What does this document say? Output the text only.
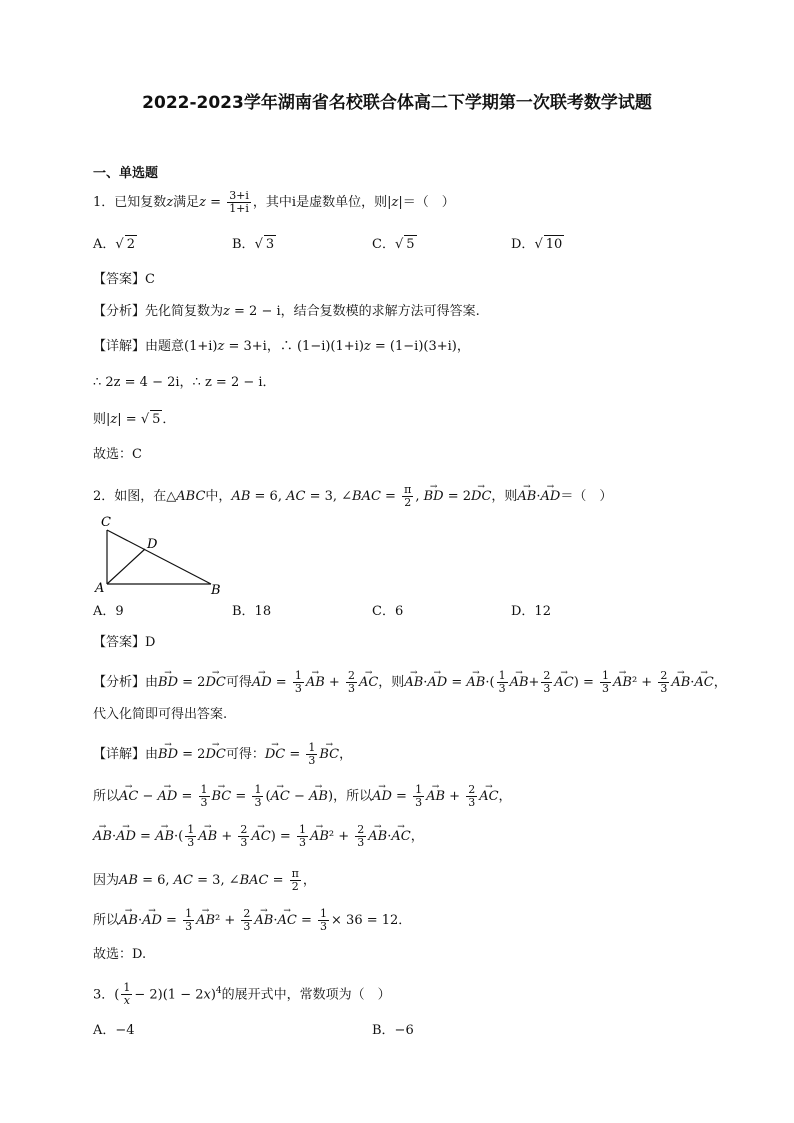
2022-2023学年湖南省名校联合体高二下学期第一次联考数学试题
一、单选题
1．已知复数z满足$z = \frac{3+i}{1+i}$ ，其中i是虚数单位，则|z|＝（　）
A．√ 2	B．√ 3	C．√ 5	D．√ 10
【答案】C
【分析】先化简复数为z = 2 − i，结合复数模的求解方法可得答案.
【详解】由题意(1+i)z = 3+i，∴ (1−i)(1+i)z = (1−i)(3+i)，
∴ 2z = 4 − 2i，∴ z = 2 − i．
则|z| = √ 5 ．
故选：C
2．如图，在△ABC中，AB = 6, AC = 3, ∠BAC = $\frac{\pi}{2}$ , → BD = 2→ DC，则→ AB·→ AD＝（　）
C
D
A	B
A．9	B．18	C．6	D．12
【答案】D
【分析】由→ BD = 2→ DC可得→ AD = $\frac{1}{3}$
→ AB + $\frac{2}{3}$
→ AC，则→ AB·→ AD = → $AB\cdot( \frac{1}{3}$
→ $AB+ \frac{2}{3}$
→ $AC) = \frac{1}{3}$
→ $AB^2 + \frac{2}{3}$
→ AB·→ AC，
代入化简即可得出答案.
【详解】由→ BD = 2→ DC可得：→ DC = $\frac{1}{3}$
→ BC，
所以→ AC − → AD = $\frac{1}{3}$
→ BC = $\frac{1}{3}$ (→ AC − → AB)，所以→ AD = $\frac{1}{3}$
→ AB + $\frac{2}{3}$
→ AC，
→ AB·→ AD = → $AB\cdot( \frac{1}{3}$
→ AB + $\frac{2}{3}$
→ $AC) = \frac{1}{3}$
→ $AB^2 + \frac{2}{3}$
→ AB·→ AC，
因为AB = 6, AC = 3, ∠BAC = $\frac{\pi}{2}$ ，
所以→ AB·→ AD = $\frac{1}{3}$
→ $AB^2 + \frac{2}{3}$
→ AB·→ AC = $\frac{1}{3} \times 36 = 12$．
故选：D.
3．( $\frac{1}{x} - 2)(1 - 2x)^4$的展开式中，常数项为（　）
A．−4	B．−6
